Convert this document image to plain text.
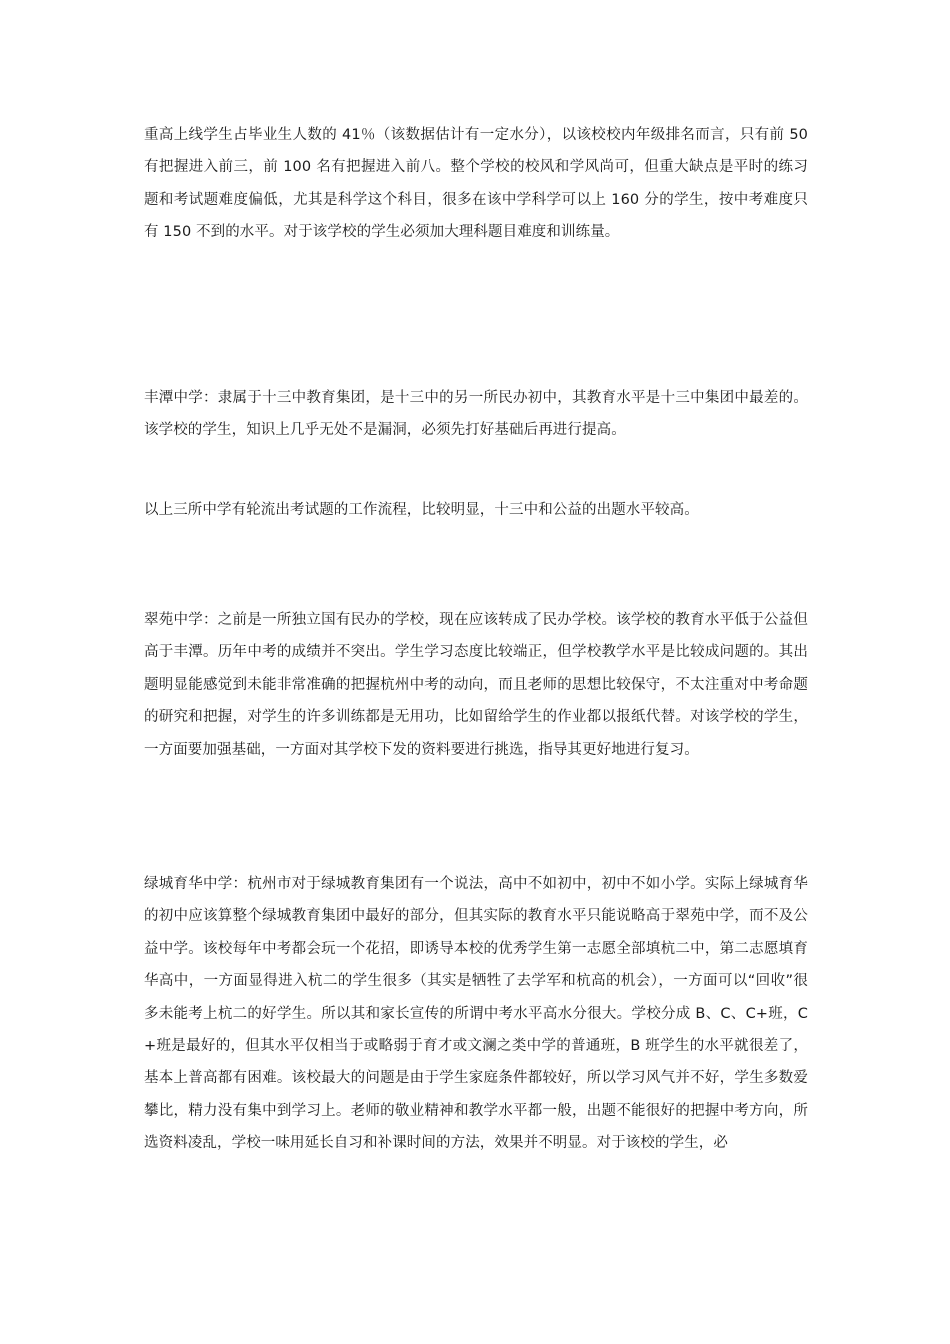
重高上线学生占毕业生人数的 41％（该数据估计有一定水分），以该校校内年级排名而言，只有前 50 有把握进入前三，前 100 名有把握进入前八。整个学校的校风和学风尚可，但重大缺点是平时的练习题和考试题难度偏低，尤其是科学这个科目，很多在该中学科学可以上 160 分的学生，按中考难度只有 150 不到的水平。对于该学校的学生必须加大理科题目难度和训练量。

丰潭中学：隶属于十三中教育集团，是十三中的另一所民办初中，其教育水平是十三中集团中最差的。该学校的学生，知识上几乎无处不是漏洞，必须先打好基础后再进行提高。

以上三所中学有轮流出考试题的工作流程，比较明显，十三中和公益的出题水平较高。

翠苑中学：之前是一所独立国有民办的学校，现在应该转成了民办学校。该学校的教育水平低于公益但高于丰潭。历年中考的成绩并不突出。学生学习态度比较端正，但学校教学水平是比较成问题的。其出题明显能感觉到未能非常准确的把握杭州中考的动向，而且老师的思想比较保守，不太注重对中考命题的研究和把握，对学生的许多训练都是无用功，比如留给学生的作业都以报纸代替。对该学校的学生，一方面要加强基础，一方面对其学校下发的资料要进行挑选，指导其更好地进行复习。

绿城育华中学：杭州市对于绿城教育集团有一个说法，高中不如初中，初中不如小学。实际上绿城育华的初中应该算整个绿城教育集团中最好的部分，但其实际的教育水平只能说略高于翠苑中学，而不及公益中学。该校每年中考都会玩一个花招，即诱导本校的优秀学生第一志愿全部填杭二中，第二志愿填育华高中，一方面显得进入杭二的学生很多（其实是牺牲了去学军和杭高的机会），一方面可以“回收”很多未能考上杭二的好学生。所以其和家长宣传的所谓中考水平高水分很大。学校分成 B、C、C+班，C+班是最好的，但其水平仅相当于或略弱于育才或文澜之类中学的普通班，B 班学生的水平就很差了，基本上普高都有困难。该校最大的问题是由于学生家庭条件都较好，所以学习风气并不好，学生多数爱攀比，精力没有集中到学习上。老师的敬业精神和教学水平都一般，出题不能很好的把握中考方向，所选资料凌乱，学校一味用延长自习和补课时间的方法，效果并不明显。对于该校的学生，必
